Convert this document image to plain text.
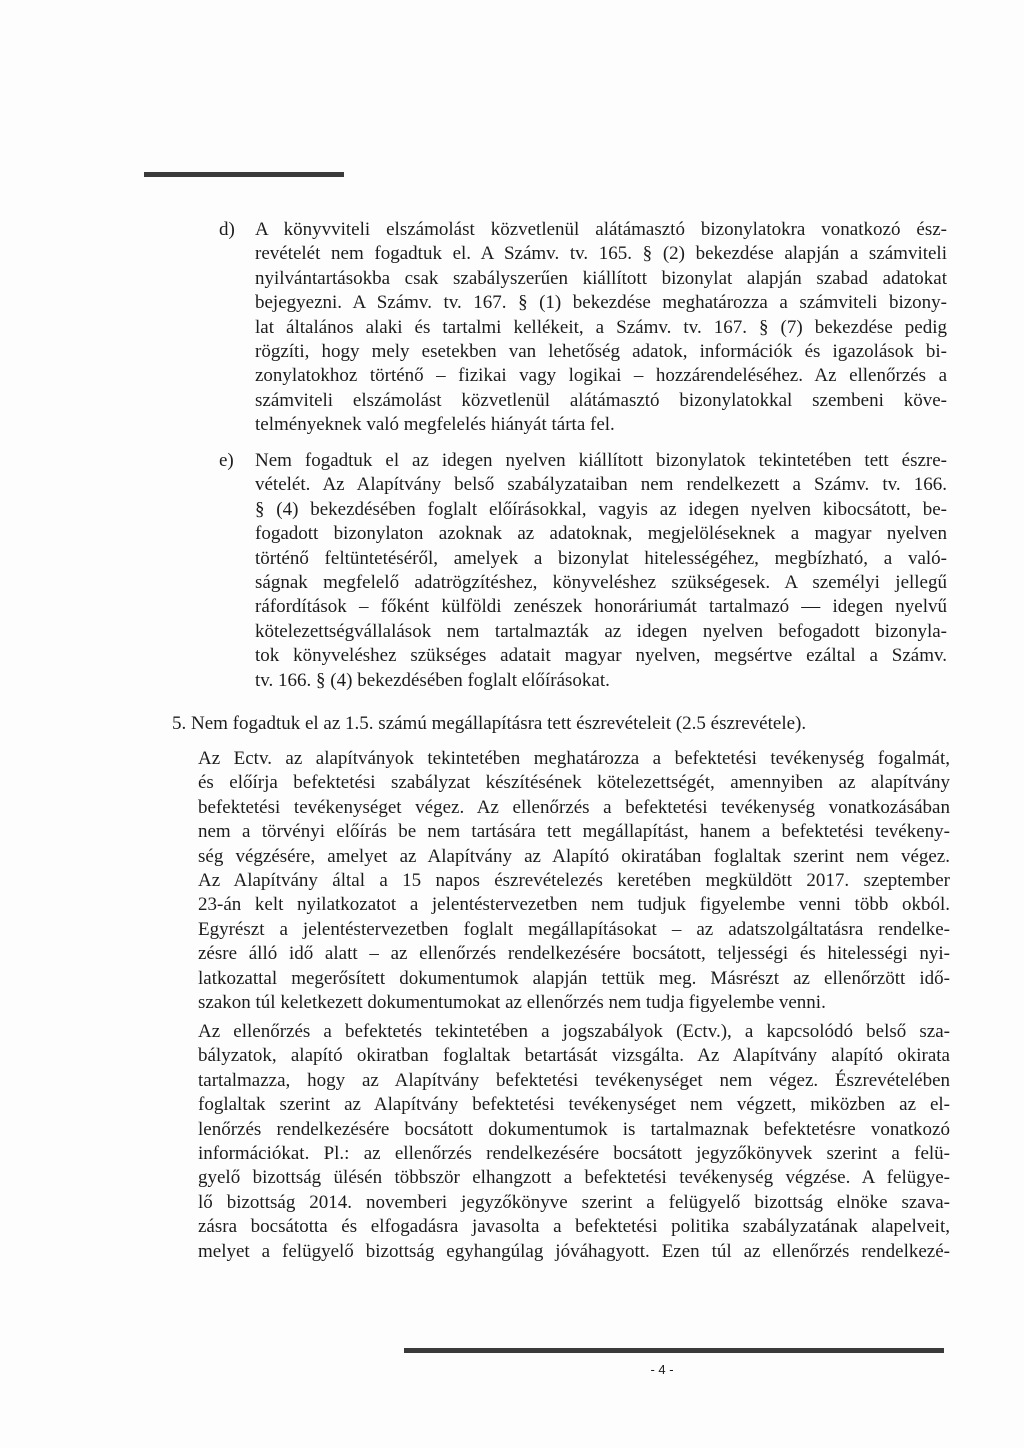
d) A könyvviteli elszámolást közvetlenül alátámasztó bizonylatokra vonatkozó ész-

revételét nem fogadtuk el. A Számv. tv. 165. § (2) bekezdése alapján a számviteli

nyilvántartásokba csak szabályszerűen kiállított bizonylat alapján szabad adatokat

bejegyezni. A Számv. tv. 167. § (1) bekezdése meghatározza a számviteli bizony-

lat általános alaki és tartalmi kellékeit, a Számv. tv. 167. § (7) bekezdése pedig

rögzíti, hogy mely esetekben van lehetőség adatok, információk és igazolások bi-

zonylatokhoz történő – fizikai vagy logikai – hozzárendeléséhez. Az ellenőrzés a

számviteli elszámolást közvetlenül alátámasztó bizonylatokkal szembeni köve-

telményeknek való megfelelés hiányát tárta fel.

e) Nem fogadtuk el az idegen nyelven kiállított bizonylatok tekintetében tett észre-

vételét. Az Alapítvány belső szabályzataiban nem rendelkezett a Számv. tv. 166.

§ (4) bekezdésében foglalt előírásokkal, vagyis az idegen nyelven kibocsátott, be-

fogadott bizonylaton azoknak az adatoknak, megjelöléseknek a magyar nyelven

történő feltüntetéséről, amelyek a bizonylat hitelességéhez, megbízható, a való-

ságnak megfelelő adatrögzítéshez, könyveléshez szükségesek. A személyi jellegű

ráfordítások – főként külföldi zenészek honoráriumát tartalmazó — idegen nyelvű

kötelezettségvállalások nem tartalmazták az idegen nyelven befogadott bizonyla-

tok könyveléshez szükséges adatait magyar nyelven, megsértve ezáltal a Számv.

tv. 166. § (4) bekezdésében foglalt előírásokat.

5. Nem fogadtuk el az 1.5. számú megállapításra tett észrevételeit (2.5 észrevétele).

Az Ectv. az alapítványok tekintetében meghatározza a befektetési tevékenység fogalmát,

és előírja befektetési szabályzat készítésének kötelezettségét, amennyiben az alapítvány

befektetési tevékenységet végez. Az ellenőrzés a befektetési tevékenység vonatkozásában

nem a törvényi előírás be nem tartására tett megállapítást, hanem a befektetési tevékeny-

ség végzésére, amelyet az Alapítvány az Alapító okiratában foglaltak szerint nem végez.

Az Alapítvány által a 15 napos észrevételezés keretében megküldött 2017. szeptember

23-án kelt nyilatkozatot a jelentéstervezetben nem tudjuk figyelembe venni több okból.

Egyrészt a jelentéstervezetben foglalt megállapításokat – az adatszolgáltatásra rendelke-

zésre álló idő alatt – az ellenőrzés rendelkezésére bocsátott, teljességi és hitelességi nyi-

latkozattal megerősített dokumentumok alapján tettük meg. Másrészt az ellenőrzött idő-

szakon túl keletkezett dokumentumokat az ellenőrzés nem tudja figyelembe venni.

Az ellenőrzés a befektetés tekintetében a jogszabályok (Ectv.), a kapcsolódó belső sza-

bályzatok, alapító okiratban foglaltak betartását vizsgálta. Az Alapítvány alapító okirata

tartalmazza, hogy az Alapítvány befektetési tevékenységet nem végez. Észrevételében

foglaltak szerint az Alapítvány befektetési tevékenységet nem végzett, miközben az el-

lenőrzés rendelkezésére bocsátott dokumentumok is tartalmaznak befektetésre vonatkozó

információkat. Pl.: az ellenőrzés rendelkezésére bocsátott jegyzőkönyvek szerint a felü-

gyelő bizottság ülésén többször elhangzott a befektetési tevékenység végzése. A felügye-

lő bizottság 2014. novemberi jegyzőkönyve szerint a felügyelő bizottság elnöke szava-

zásra bocsátotta és elfogadásra javasolta a befektetési politika szabályzatának alapelveit,

melyet a felügyelő bizottság egyhangúlag jóváhagyott. Ezen túl az ellenőrzés rendelkezé-

- 4 -
